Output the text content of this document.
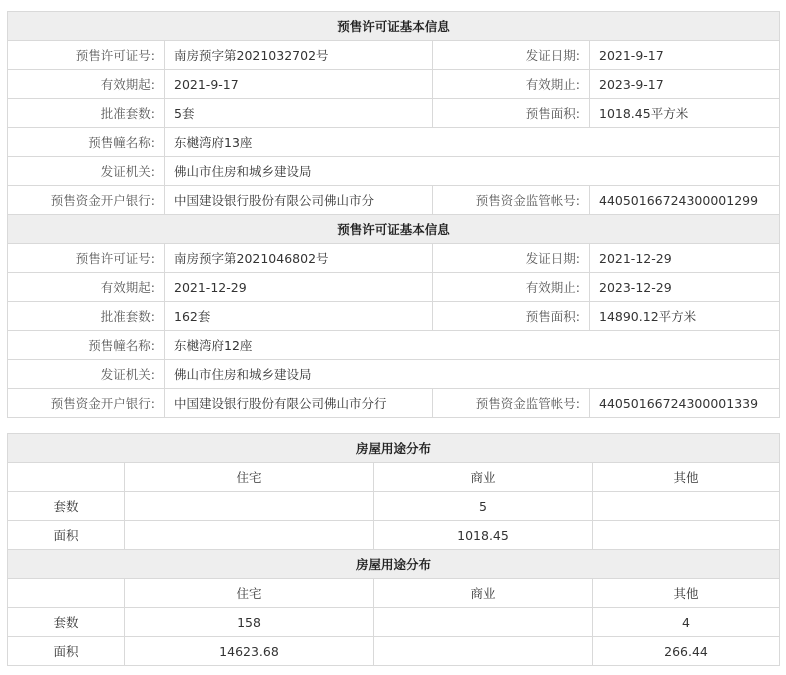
预售许可证基本信息			
预售许可证号:	南房预字第2021032702号	发证日期:	2021-9-17
有效期起:	2021-9-17	有效期止:	2023-9-17
批准套数:	5套	预售面积:	1018.45平方米
预售幢名称:	东樾湾府13座		
发证机关:	佛山市住房和城乡建设局		
预售资金开户银行:	中国建设银行股份有限公司佛山市分	预售资金监管帐号:	44050166724300001299
预售许可证基本信息			
预售许可证号:	南房预字第2021046802号	发证日期:	2021-12-29
有效期起:	2021-12-29	有效期止:	2023-12-29
批准套数:	162套	预售面积:	14890.12平方米
预售幢名称:	东樾湾府12座		
发证机关:	佛山市住房和城乡建设局		
预售资金开户银行:	中国建设银行股份有限公司佛山市分行	预售资金监管帐号:	44050166724300001339
房屋用途分布			
	住宅	商业	其他
套数		5	
面积		1018.45	
房屋用途分布			
	住宅	商业	其他
套数	158		4
面积	14623.68		266.44
